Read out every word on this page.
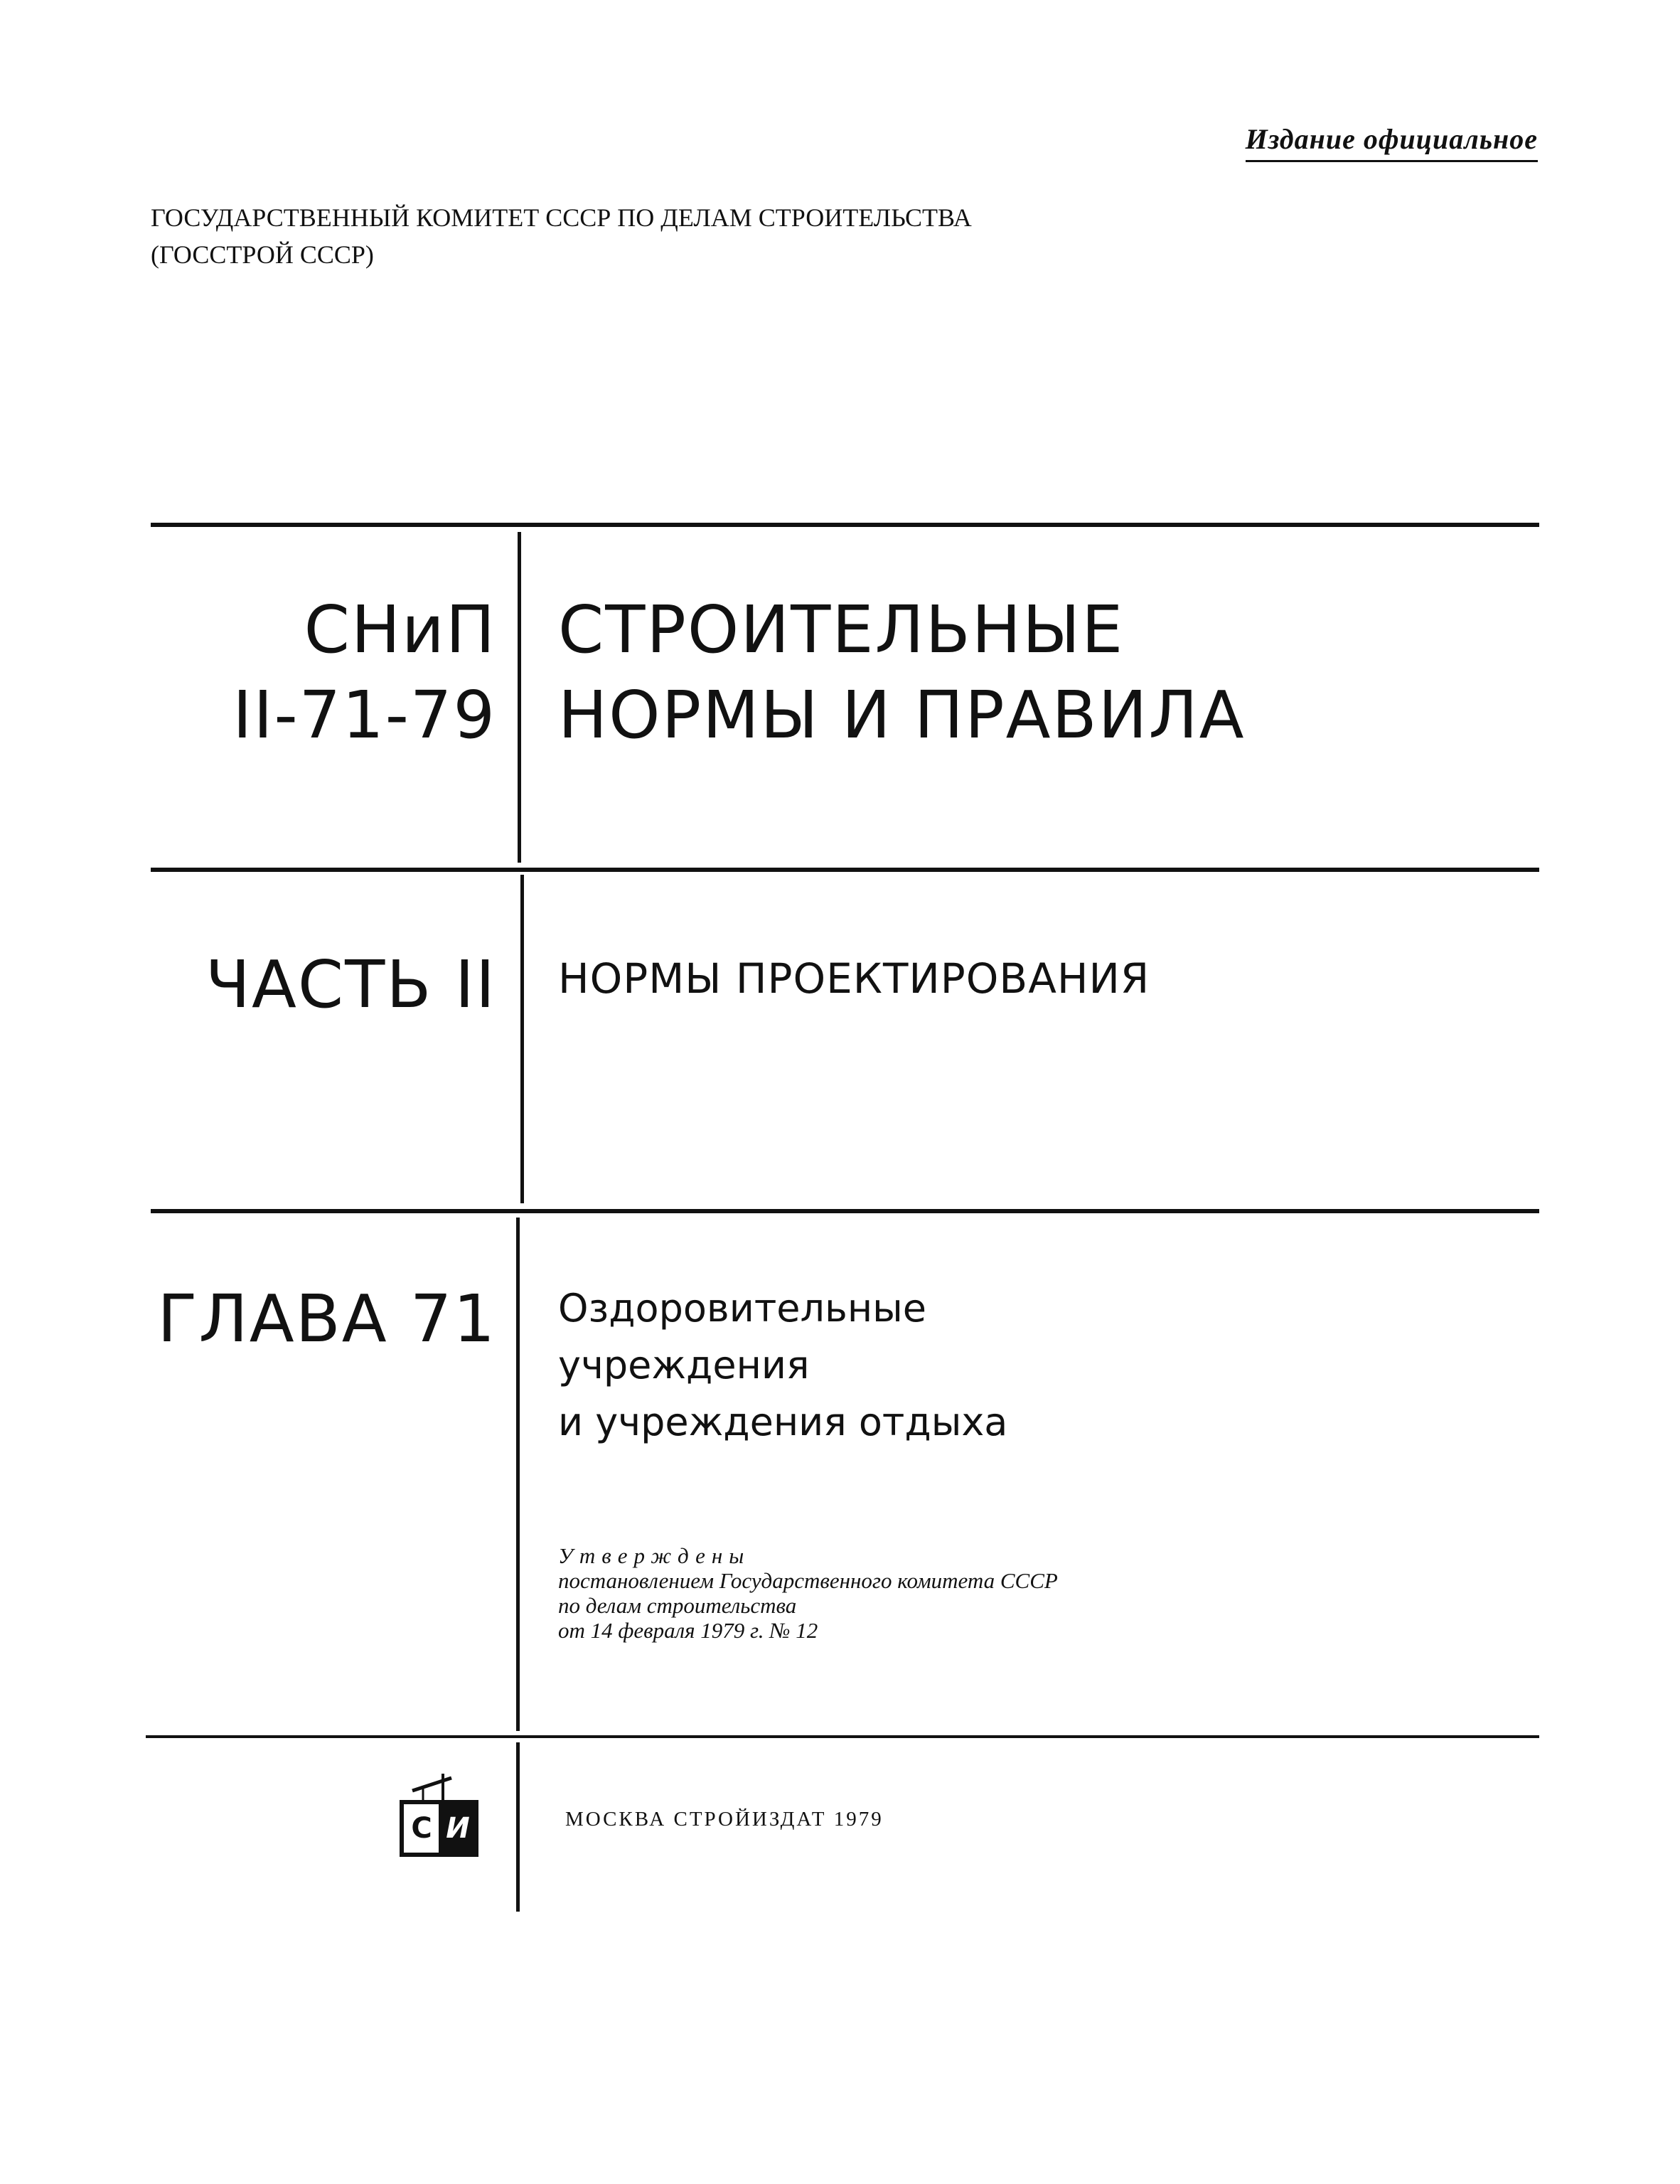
Издание официальное
ГОСУДАРСТВЕННЫЙ КОМИТЕТ СССР ПО ДЕЛАМ СТРОИТЕЛЬСТВА
(ГОССТРОЙ СССР)
СНиП
II-71-79
СТРОИТЕЛЬНЫЕ
НОРМЫ И ПРАВИЛА
ЧАСТЬ II НОРМЫ ПРОЕКТИРОВАНИЯ
ГЛАВА 71 Оздоровительные
учреждения
и учреждения отдыха
Утверждены
постановлением Государственного комитета СССР
по делам строительства
от 14 февраля 1979 г. № 12
С И	МОСКВА СТРОЙИЗДАТ 1979
